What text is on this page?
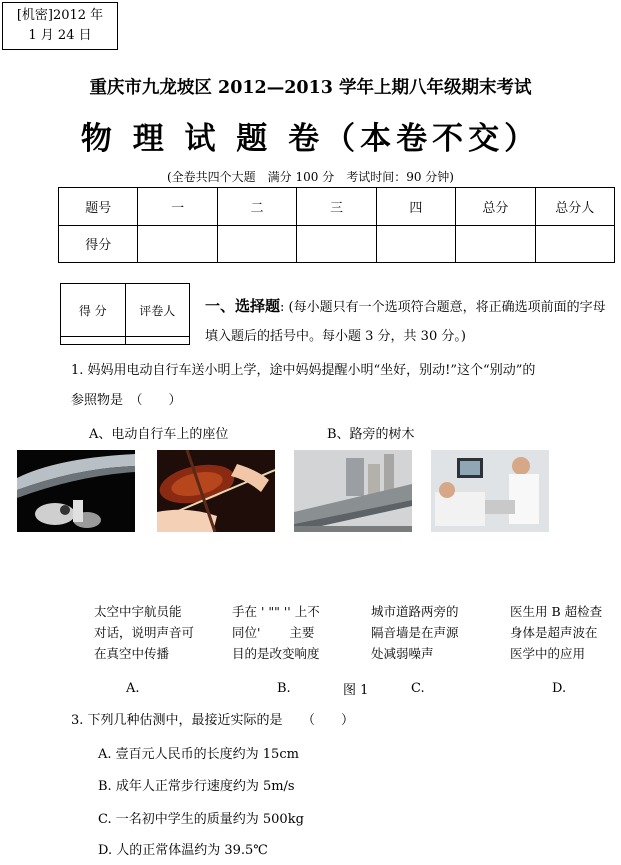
[机密]2012 年
1 月 24 日
重庆市九龙坡区 2012—2013 学年上期八年级期末考试
物 理 试 题 卷（本卷不交）
(全卷共四个大题　满分 100 分　考试时间：90 分钟)
题号	一	二	三	四	总分	总分人
得分						
得 分	评卷人
	一、选择题: (每小题只有一个选项符合题意，将正确选项前面的字母填入题后的括号中。每小题 3 分，共 30 分。)
1. 妈妈用电动自行车送小明上学，途中妈妈提醒小明“坐好，别动!”这个“别动”的
参照物是　（　　）
A、电动自行车上的座位	B、路旁的树木
太空中宇航员能
对话，说明声音可
在真空中传播
手在 ' "" '' 上不
同位'　　 主要
目的是改变响度
城市道路两旁的
隔音墙是在声源
处减弱噪声
医生用 B 超检查
身体是超声波在
医学中的应用
A.	B.	图 1	C.	D.
3. 下列几种估测中，最接近实际的是　　（　　）
A. 壹百元人民币的长度约为 15cm
B. 成年人正常步行速度约为 5m/s
C. 一名初中学生的质量约为 500kg
D. 人的正常体温约为 39.5℃
